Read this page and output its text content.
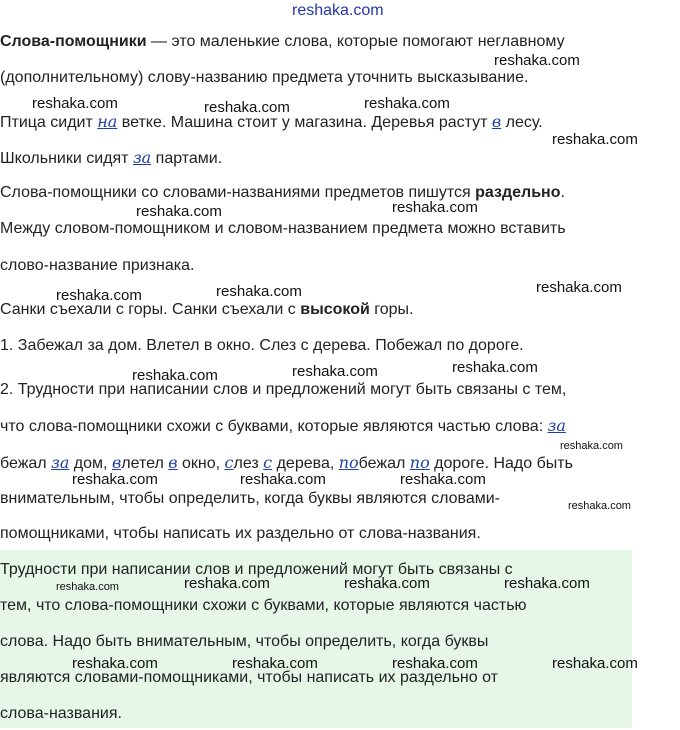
reshaka.com
Слова-помощники — это маленькие слова, которые помогают неглавному
(дополнительному) слову-названию предмета уточнить высказывание.
Птица сидит на ветке. Машина стоит у магазина. Деревья растут в лесу.
Школьники сидят за партами.
Слова-помощники со словами-названиями предметов пишутся раздельно.
Между словом-помощником и словом-названием предмета можно вставить
слово-название признака.
Санки съехали с горы. Санки съехали с высокой горы.
1. Забежал за дом. Влетел в окно. Слез с дерева. Побежал по дороге.
2. Трудности при написании слов и предложений могут быть связаны с тем,
что слова-помощники схожи с буквами, которые являются частью слова: за
бежал за дом, влетел в окно, слез с дерева, побежал по дороге. Надо быть
внимательным, чтобы определить, когда буквы являются словами-
помощниками, чтобы написать их раздельно от слова-названия.
Трудности при написании слов и предложений могут быть связаны с
тем, что слова-помощники схожи с буквами, которые являются частью
слова. Надо быть внимательным, чтобы определить, когда буквы
являются словами-помощниками, чтобы написать их раздельно от
слова-названия.
reshaka.com
reshaka.com	reshaka.com	reshaka.com
reshaka.com
reshaka.com	reshaka.com
reshaka.com	reshaka.com	reshaka.com
reshaka.com	reshaka.com	reshaka.com
reshaka.com
reshaka.com	reshaka.com	reshaka.com
reshaka.com
reshaka.com	reshaka.com	reshaka.com	reshaka.com
reshaka.com	reshaka.com	reshaka.com	reshaka.com
